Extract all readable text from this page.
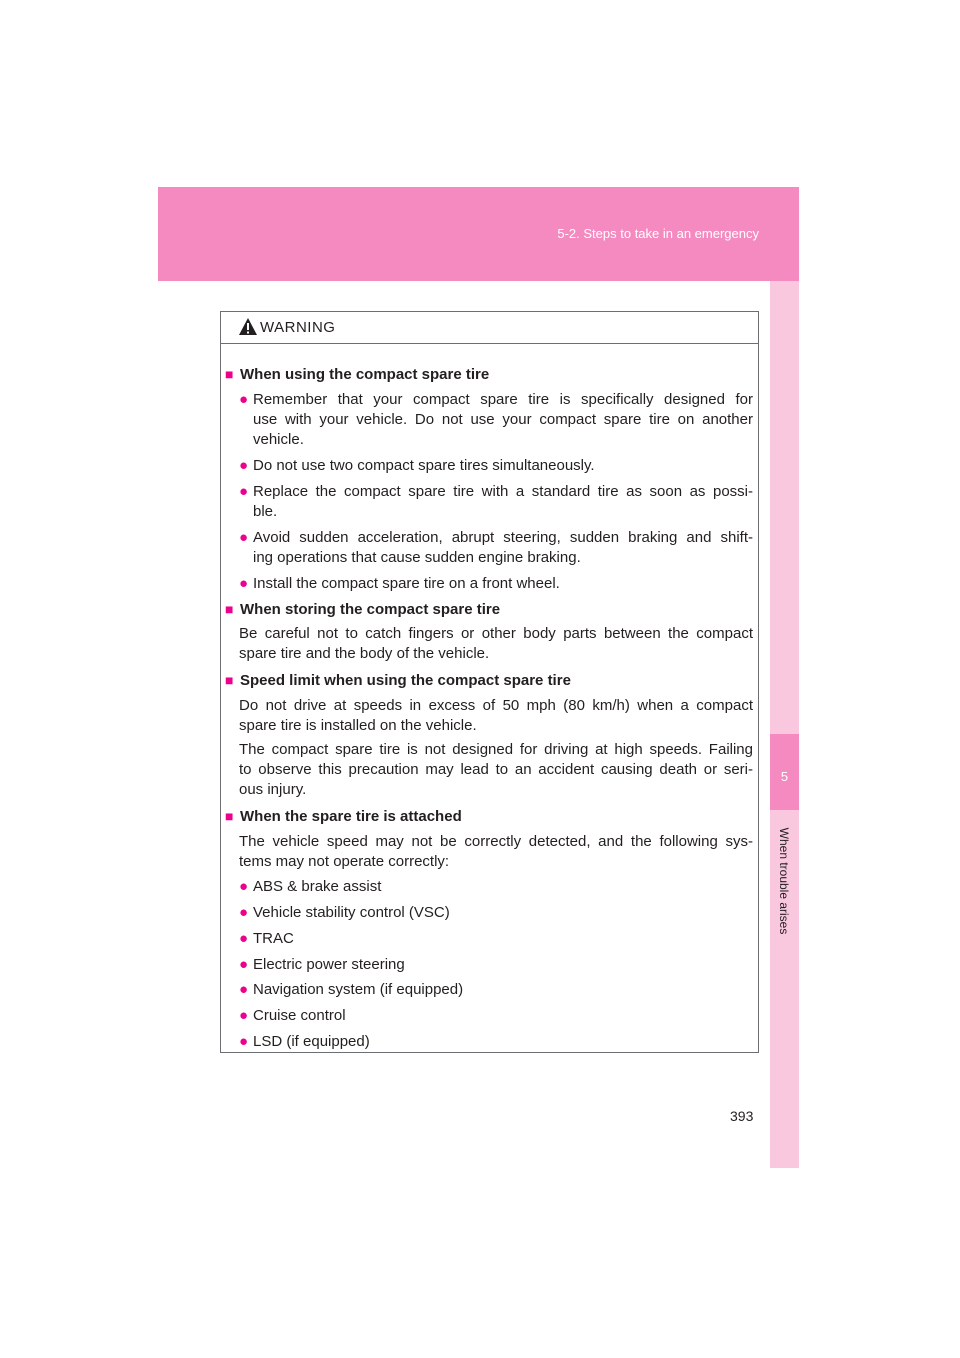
5-2. Steps to take in an emergency
5
When trouble arises
WARNING
■ When using the compact spare tire
● Remember that your compact spare tire is specifically designed for
use with your vehicle. Do not use your compact spare tire on another
vehicle.
● Do not use two compact spare tires simultaneously.
● Replace the compact spare tire with a standard tire as soon as possi-
ble.
● Avoid sudden acceleration, abrupt steering, sudden braking and shift-
ing operations that cause sudden engine braking.
● Install the compact spare tire on a front wheel.
■ When storing the compact spare tire
Be careful not to catch fingers or other body parts between the compact
spare tire and the body of the vehicle.
■ Speed limit when using the compact spare tire
Do not drive at speeds in excess of 50 mph (80 km/h) when a compact
spare tire is installed on the vehicle.
The compact spare tire is not designed for driving at high speeds. Failing
to observe this precaution may lead to an accident causing death or seri-
ous injury.
■ When the spare tire is attached
The vehicle speed may not be correctly detected, and the following sys-
tems may not operate correctly:
● ABS & brake assist
● Vehicle stability control (VSC)
● TRAC
● Electric power steering
● Navigation system (if equipped)
● Cruise control
● LSD (if equipped)
393
